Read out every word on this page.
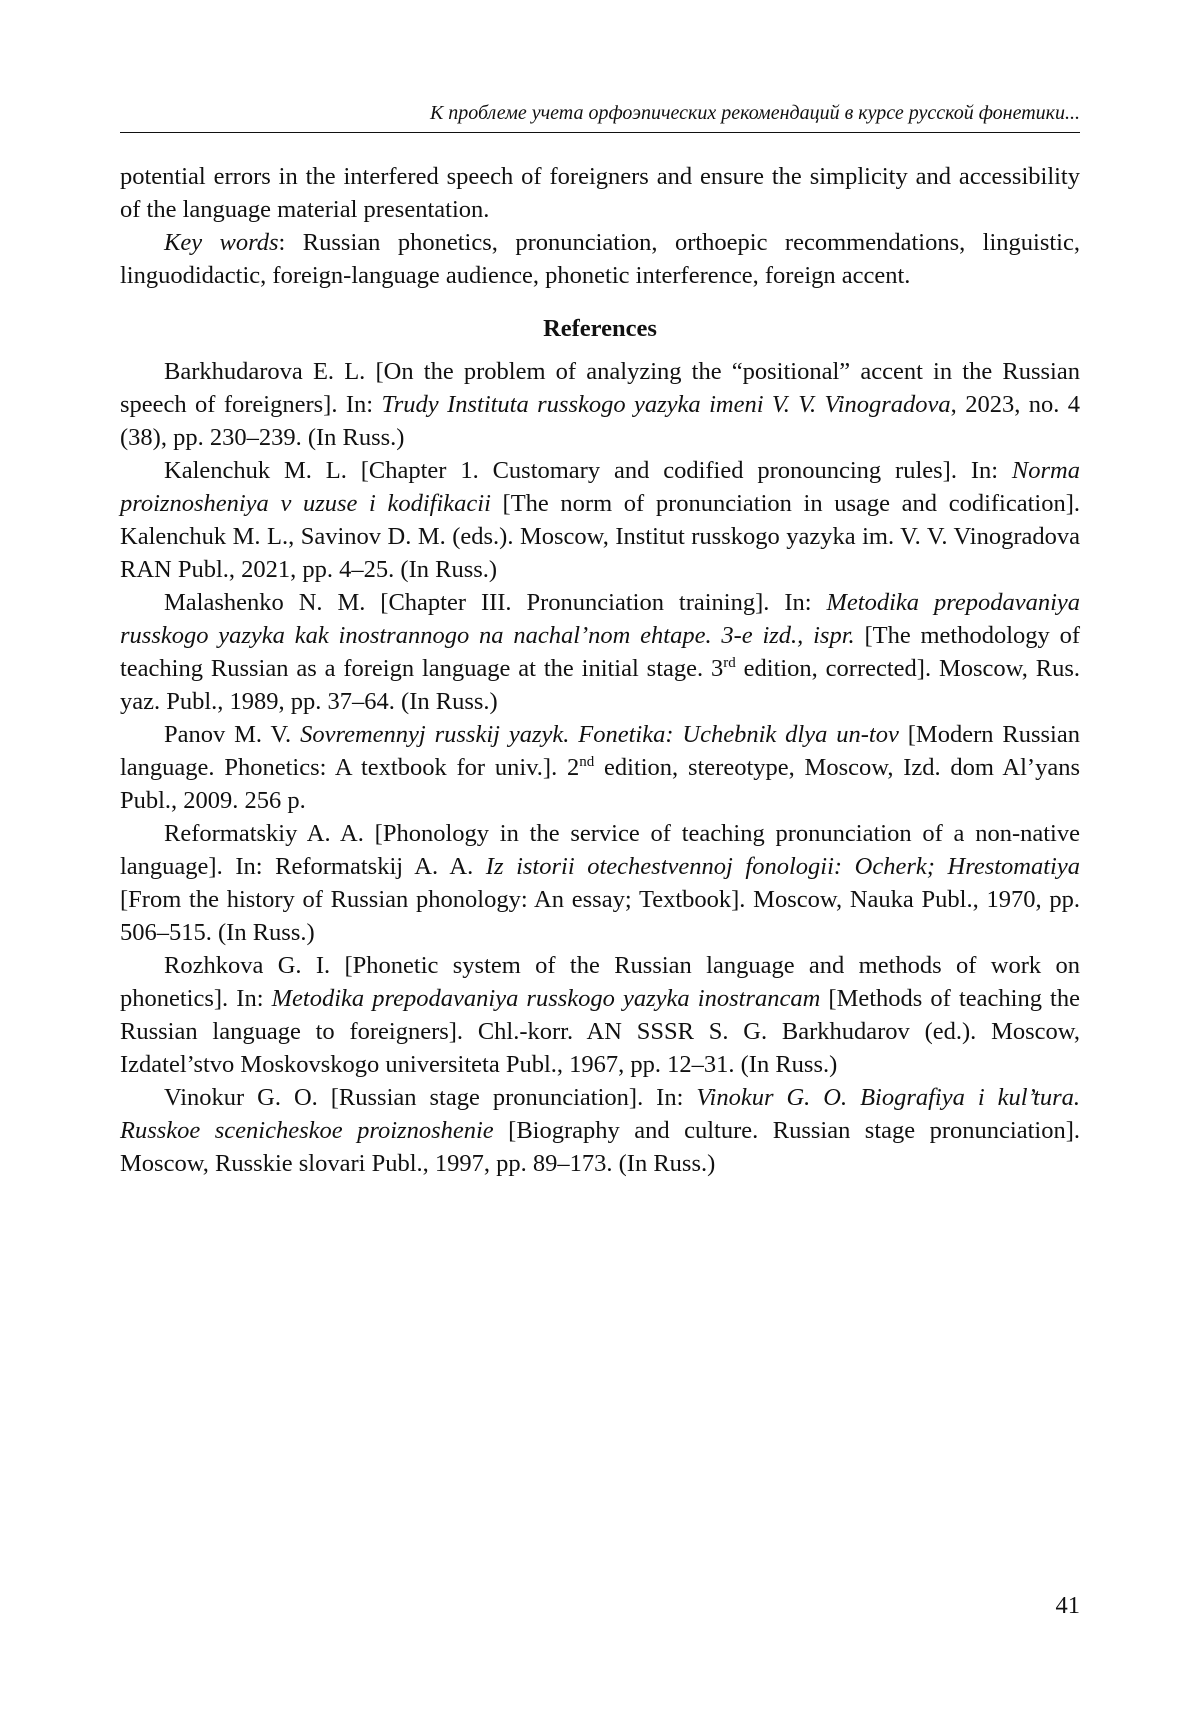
К проблеме учета орфоэпических рекомендаций в курсе русской фонетики...

potential errors in the interfered speech of foreigners and ensure the simplicity and accessibility of the language material presentation.

Key words: Russian phonetics, pronunciation, orthoepic recommendations, linguistic, linguodidactic, foreign-language audience, phonetic interference, foreign accent.

References

Barkhudarova E. L. [On the problem of analyzing the “positional” accent in the Russian speech of foreigners]. In: Trudy Instituta russkogo yazyka imeni V. V. Vinogradova, 2023, no. 4 (38), pp. 230–239. (In Russ.)

Kalenchuk M. L. [Chapter 1. Customary and codified pronouncing rules]. In: Norma proiznosheniya v uzuse i kodifikacii [The norm of pronunciation in usage and codification]. Kalenchuk M. L., Savinov D. M. (eds.). Moscow, Institut russkogo yazyka im. V. V. Vinogradova RAN Publ., 2021, pp. 4–25. (In Russ.)

Malashenko N. M. [Chapter III. Pronunciation training]. In: Metodika prepodavaniya russkogo yazyka kak inostrannogo na nachal’nom ehtape. 3-e izd., ispr. [The methodology of teaching Russian as a foreign language at the initial stage. 3rd edition, corrected]. Moscow, Rus. yaz. Publ., 1989, pp. 37–64. (In Russ.)

Panov M. V. Sovremennyj russkij yazyk. Fonetika: Uchebnik dlya un-tov [Modern Russian language. Phonetics: A textbook for univ.]. 2nd edition, stereotype, Moscow, Izd. dom Al’yans Publ., 2009. 256 p.

Reformatskiy A. A. [Phonology in the service of teaching pronunciation of a non-native language]. In: Reformatskij A. A. Iz istorii otechestvennoj fonologii: Ocherk; Hrestomatiya [From the history of Russian phonology: An essay; Textbook]. Moscow, Nauka Publ., 1970, pp. 506–515. (In Russ.)

Rozhkova G. I. [Phonetic system of the Russian language and methods of work on phonetics]. In: Metodika prepodavaniya russkogo yazyka inostrancam [Methods of teaching the Russian language to foreigners]. Chl.-korr. AN SSSR S. G. Barkhudarov (ed.). Moscow, Izdatel’stvo Moskovskogo universiteta Publ., 1967, pp. 12–31. (In Russ.)

Vinokur G. O. [Russian stage pronunciation]. In: Vinokur G. O. Biografiya i kul’tura. Russkoe scenicheskoe proiznoshenie [Biography and culture. Russian stage pronunciation]. Moscow, Russkie slovari Publ., 1997, pp. 89–173. (In Russ.)

41
